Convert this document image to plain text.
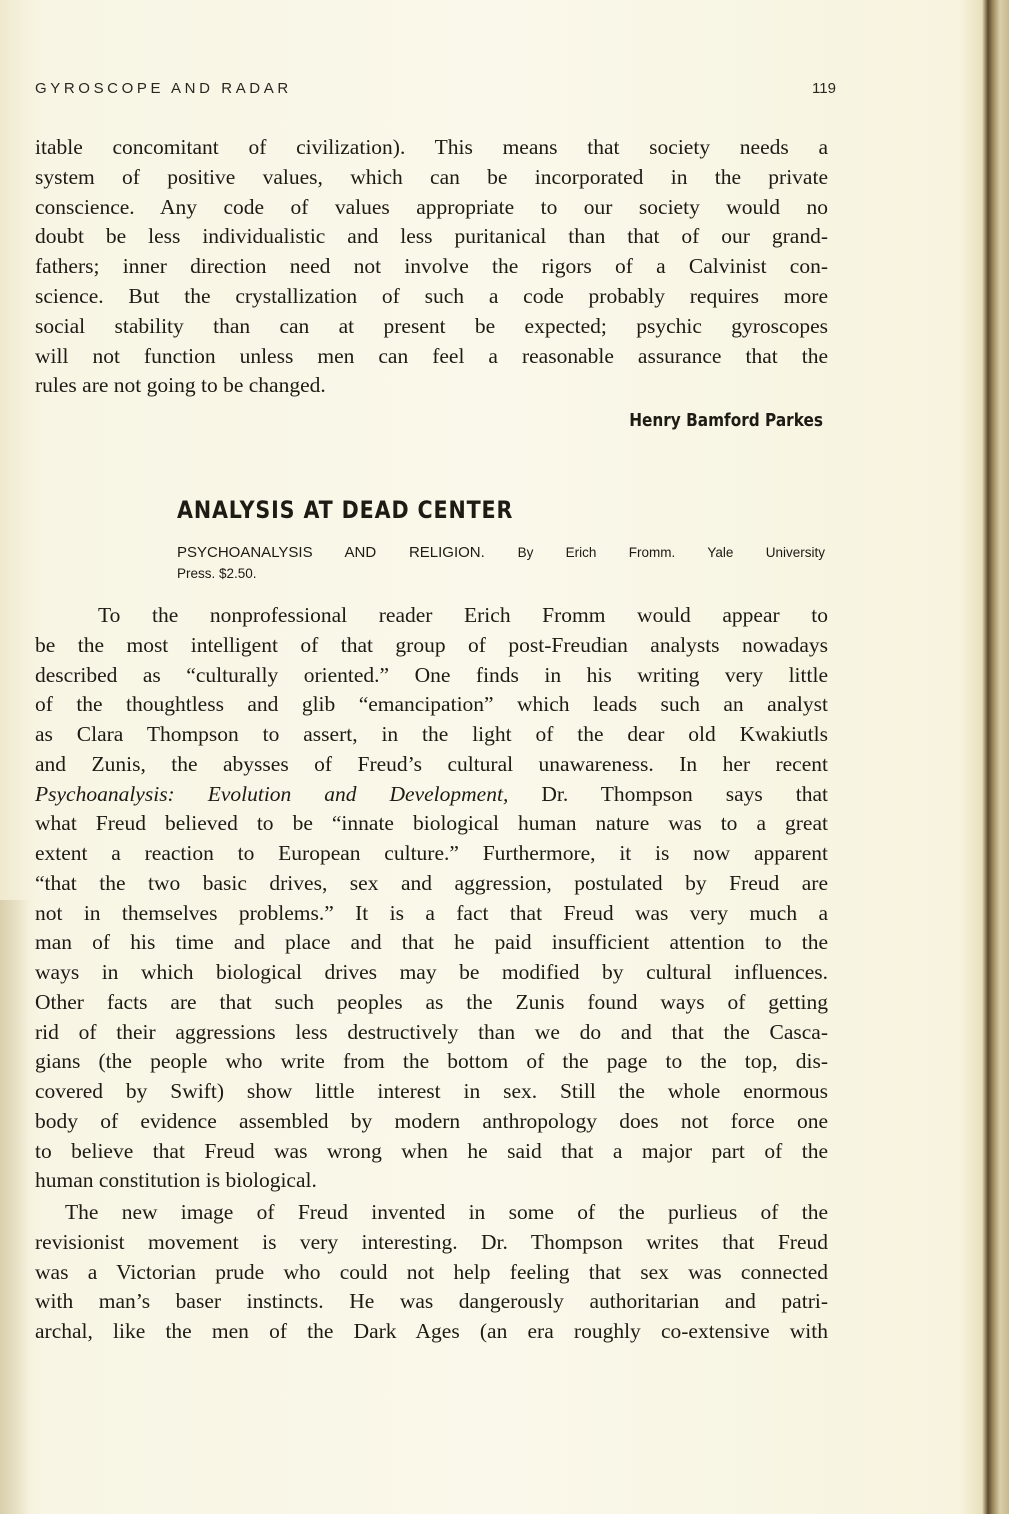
GYROSCOPE AND RADAR	119
itable concomitant of civilization). This means that society needs a
system of positive values, which can be incorporated in the private
conscience. Any code of values appropriate to our society would no
doubt be less individualistic and less puritanical than that of our grand-
fathers; inner direction need not involve the rigors of a Calvinist con-
science. But the crystallization of such a code probably requires more
social stability than can at present be expected; psychic gyroscopes
will not function unless men can feel a reasonable assurance that the
rules are not going to be changed.
Henry Bamford Parkes
ANALYSIS AT DEAD CENTER
PSYCHOANALYSIS AND RELIGION. By Erich Fromm. Yale University
Press. $2.50.
To the nonprofessional reader Erich Fromm would appear to
be the most intelligent of that group of post-Freudian analysts nowadays
described as “culturally oriented.” One finds in his writing very little
of the thoughtless and glib “emancipation” which leads such an analyst
as Clara Thompson to assert, in the light of the dear old Kwakiutls
and Zunis, the abysses of Freud’s cultural unawareness. In her recent
Psychoanalysis: Evolution and Development, Dr. Thompson says that
what Freud believed to be “innate biological human nature was to a great
extent a reaction to European culture.” Furthermore, it is now apparent
“that the two basic drives, sex and aggression, postulated by Freud are
not in themselves problems.” It is a fact that Freud was very much a
man of his time and place and that he paid insufficient attention to the
ways in which biological drives may be modified by cultural influences.
Other facts are that such peoples as the Zunis found ways of getting
rid of their aggressions less destructively than we do and that the Casca-
gians (the people who write from the bottom of the page to the top, dis-
covered by Swift) show little interest in sex. Still the whole enormous
body of evidence assembled by modern anthropology does not force one
to believe that Freud was wrong when he said that a major part of the
human constitution is biological.
The new image of Freud invented in some of the purlieus of the
revisionist movement is very interesting. Dr. Thompson writes that Freud
was a Victorian prude who could not help feeling that sex was connected
with man’s baser instincts. He was dangerously authoritarian and patri-
archal, like the men of the Dark Ages (an era roughly co-extensive with
